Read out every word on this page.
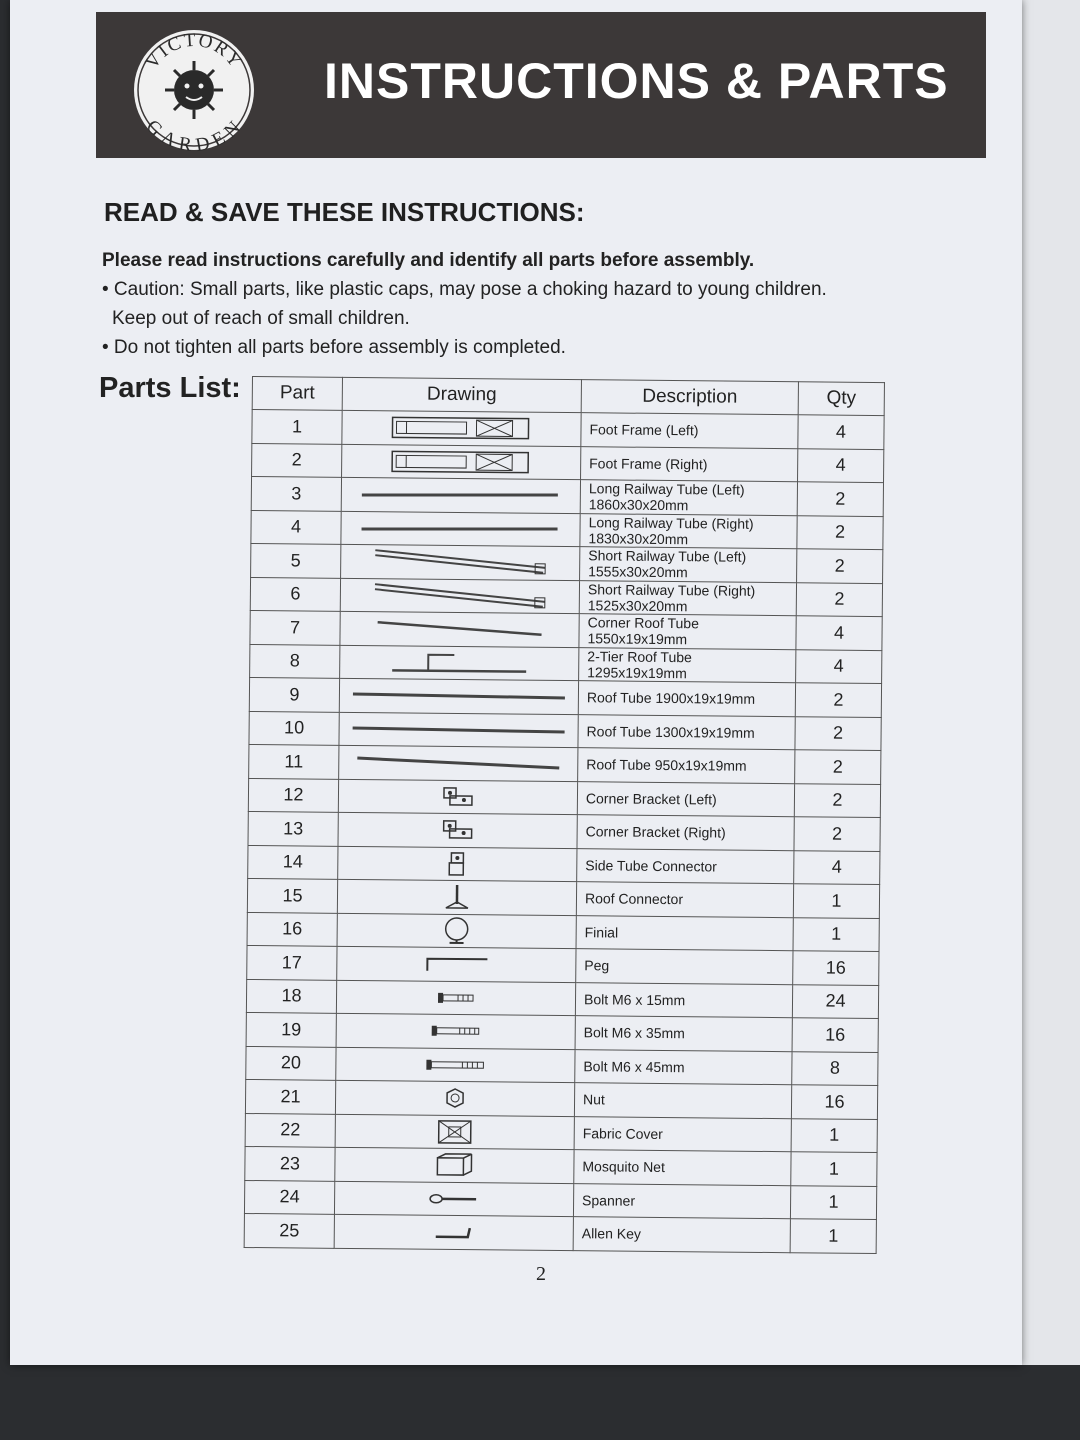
VICTORY
GARDEN
INSTRUCTIONS & PARTS
READ & SAVE THESE INSTRUCTIONS:
Please read instructions carefully and identify all parts before assembly.
• Caution: Small parts, like plastic caps, may pose a choking hazard to young children.
Keep out of reach of small children.
• Do not tighten all parts before assembly is completed.
Parts List:
2
Part	Drawing	Description	Qty
1		Foot Frame (Left)	4
2		Foot Frame (Right)	4
3		Long Railway Tube (Left)
1860x30x20mm	2
4		Long Railway Tube (Right)
1830x30x20mm	2
5		Short Railway Tube (Left)
1555x30x20mm	2
6		Short Railway Tube (Right)
1525x30x20mm	2
7		Corner Roof Tube
1550x19x19mm	4
8		2-Tier Roof Tube
1295x19x19mm	4
9		Roof Tube 1900x19x19mm	2
10		Roof Tube 1300x19x19mm	2
11		Roof Tube 950x19x19mm	2
12		Corner Bracket (Left)	2
13		Corner Bracket (Right)	2
14		Side Tube Connector	4
15		Roof Connector	1
16		Finial	1
17		Peg	16
18		Bolt M6 x 15mm	24
19		Bolt M6 x 35mm	16
20		Bolt M6 x 45mm	8
21		Nut	16
22		Fabric Cover	1
23		Mosquito Net	1
24		Spanner	1
25		Allen Key	1
